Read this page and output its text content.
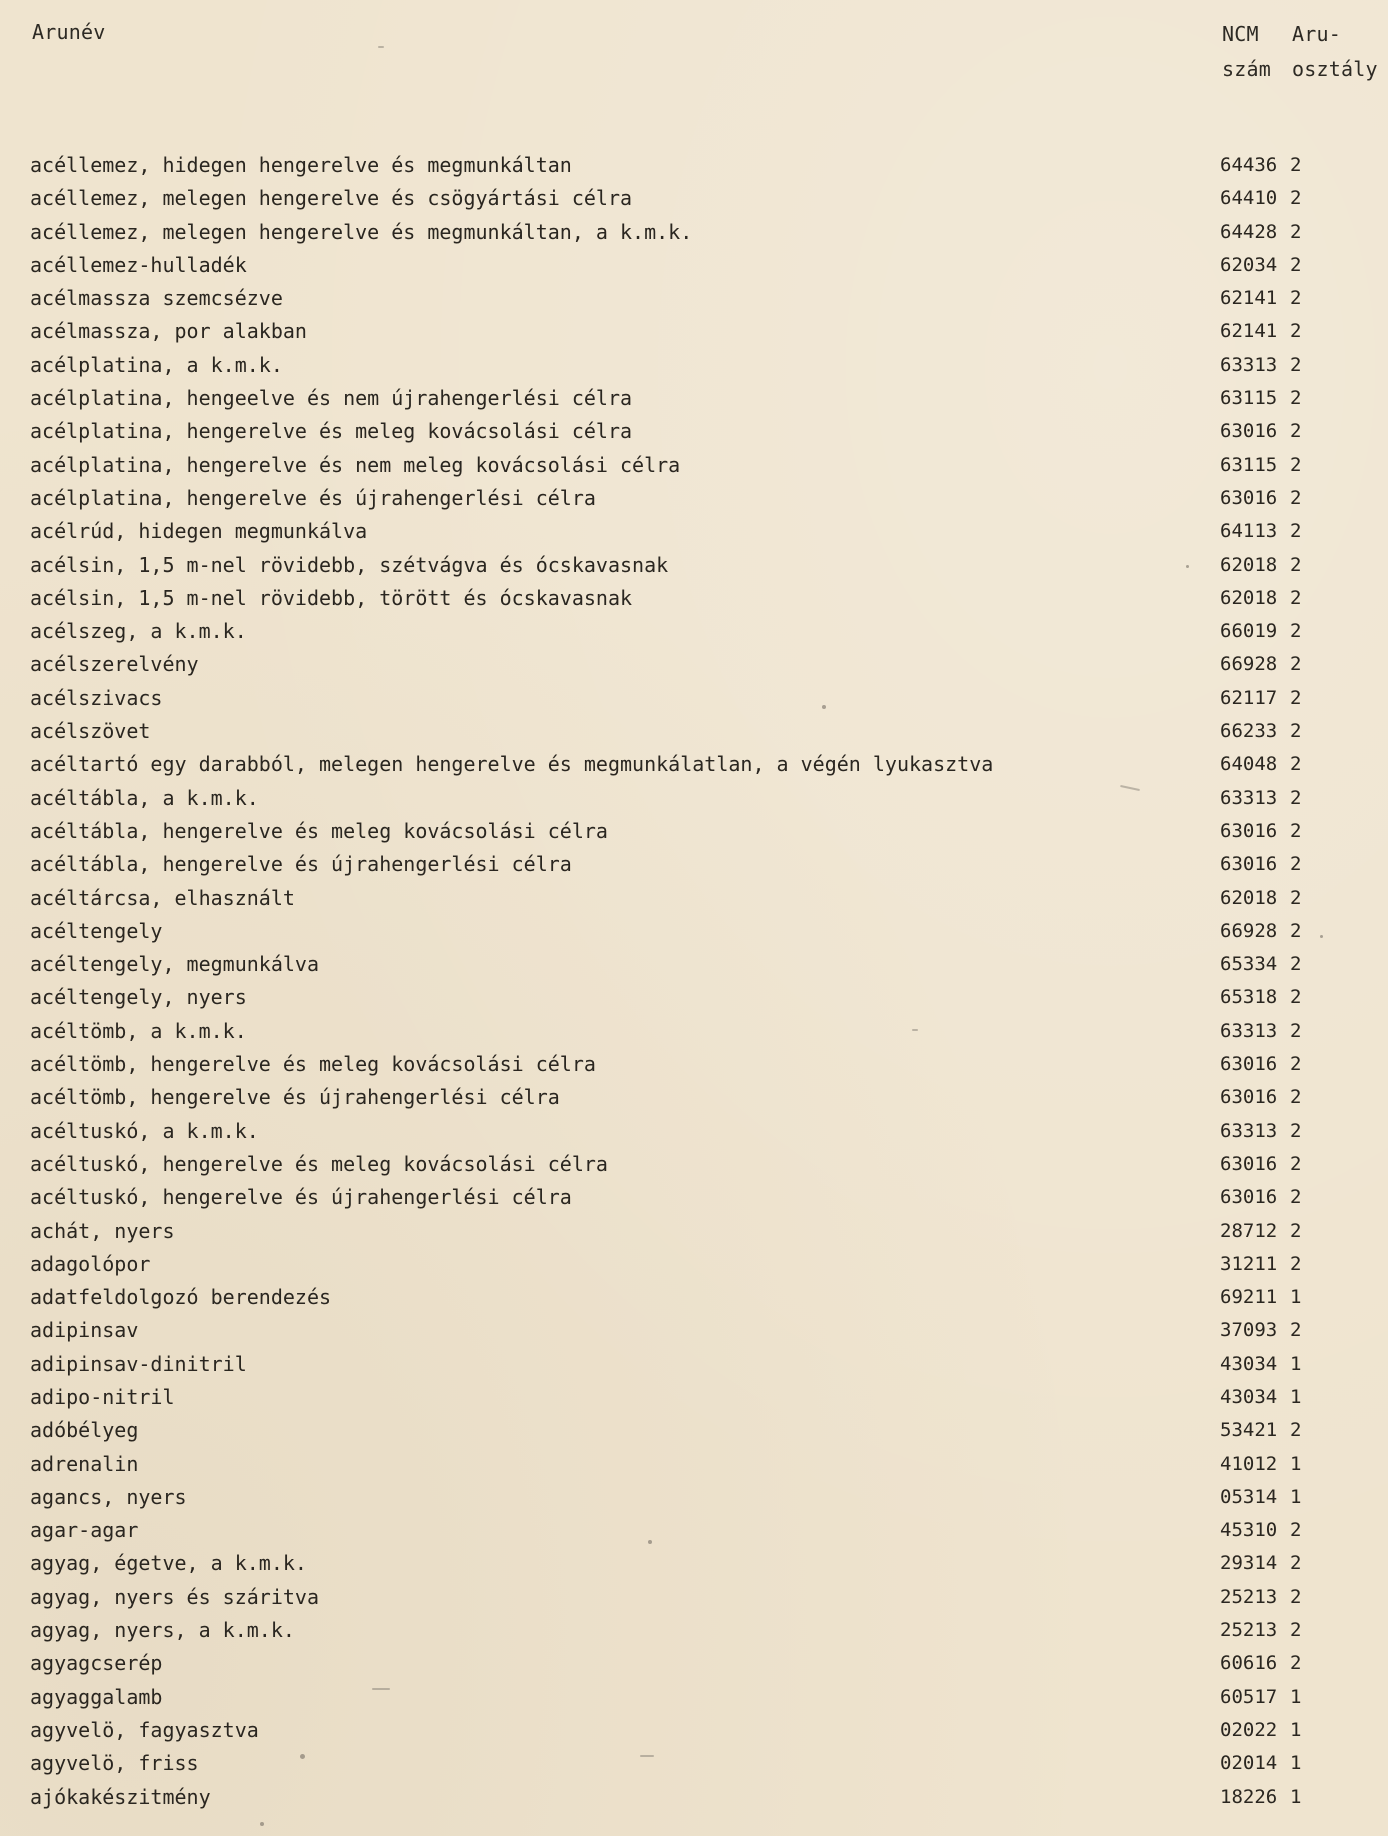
Arunév	NCM
szám
Aru-
osztály
acéllemez, hidegen hengerelve és megmunkáltan	64436 2
acéllemez, melegen hengerelve és csögyártási célra	64410 2
acéllemez, melegen hengerelve és megmunkáltan, a k.m.k.	64428 2
acéllemez-hulladék	62034 2
acélmassza szemcsézve	62141 2
acélmassza, por alakban	62141 2
acélplatina, a k.m.k.	63313 2
acélplatina, hengeelve és nem újrahengerlési célra	63115 2
acélplatina, hengerelve és meleg kovácsolási célra	63016 2
acélplatina, hengerelve és nem meleg kovácsolási célra	63115 2
acélplatina, hengerelve és újrahengerlési célra	63016 2
acélrúd, hidegen megmunkálva	64113 2
acélsin, 1,5 m-nel rövidebb, szétvágva és ócskavasnak	62018 2
acélsin, 1,5 m-nel rövidebb, törött és ócskavasnak	62018 2
acélszeg, a k.m.k.	66019 2
acélszerelvény	66928 2
acélszivacs	62117 2
acélszövet	66233 2
acéltartó egy darabból, melegen hengerelve és megmunkálatlan, a végén lyukasztva	64048 2
acéltábla, a k.m.k.	63313 2
acéltábla, hengerelve és meleg kovácsolási célra	63016 2
acéltábla, hengerelve és újrahengerlési célra	63016 2
acéltárcsa, elhasznált	62018 2
acéltengely	66928 2
acéltengely, megmunkálva	65334 2
acéltengely, nyers	65318 2
acéltömb, a k.m.k.	63313 2
acéltömb, hengerelve és meleg kovácsolási célra	63016 2
acéltömb, hengerelve és újrahengerlési célra	63016 2
acéltuskó, a k.m.k.	63313 2
acéltuskó, hengerelve és meleg kovácsolási célra	63016 2
acéltuskó, hengerelve és újrahengerlési célra	63016 2
achát, nyers	28712 2
adagolópor	31211 2
adatfeldolgozó berendezés	69211 1
adipinsav	37093 2
adipinsav-dinitril	43034 1
adipo-nitril	43034 1
adóbélyeg	53421 2
adrenalin	41012 1
agancs, nyers	05314 1
agar-agar	45310 2
agyag, égetve, a k.m.k.	29314 2
agyag, nyers és száritva	25213 2
agyag, nyers, a k.m.k.	25213 2
agyagcserép	60616 2
agyaggalamb	60517 1
agyvelö, fagyasztva	02022 1
agyvelö, friss	02014 1
ajókakészitmény	18226 1
